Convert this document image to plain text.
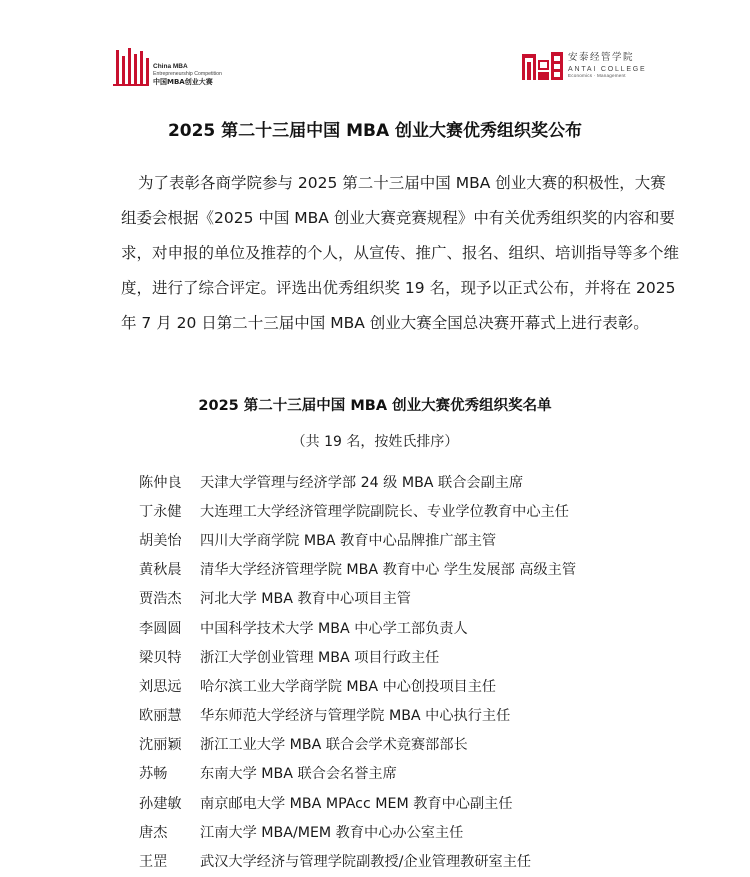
China MBA
Entrepreneurship Competition
中国MBA创业大赛
安泰经管学院
ANTAI COLLEGE
Economics · Management
2025 第二十三届中国 MBA 创业大赛优秀组织奖公布

为了表彰各商学院参与 2025 第二十三届中国 MBA 创业大赛的积极性，大赛
组委会根据《2025 中国 MBA 创业大赛竞赛规程》中有关优秀组织奖的内容和要
求，对申报的单位及推荐的个人，从宣传、推广、报名、组织、培训指导等多个维
度，进行了综合评定。评选出优秀组织奖 19 名，现予以正式公布，并将在 2025
年 7 月 20 日第二十三届中国 MBA 创业大赛全国总决赛开幕式上进行表彰。

2025 第二十三届中国 MBA 创业大赛优秀组织奖名单

（共 19 名，按姓氏排序）

陈仲良	天津大学管理与经济学部 24 级 MBA 联合会副主席
丁永健	大连理工大学经济管理学院副院长、专业学位教育中心主任
胡美怡	四川大学商学院 MBA 教育中心品牌推广部主管
黄秋晨	清华大学经济管理学院 MBA 教育中心 学生发展部 高级主管
贾浩杰	河北大学 MBA 教育中心项目主管
李圆圆	中国科学技术大学 MBA 中心学工部负责人
梁贝特	浙江大学创业管理 MBA 项目行政主任
刘思远	哈尔滨工业大学商学院 MBA 中心创投项目主任
欧丽慧	华东师范大学经济与管理学院 MBA 中心执行主任
沈丽颖	浙江工业大学 MBA 联合会学术竞赛部部长
苏畅	东南大学 MBA 联合会名誉主席
孙建敏	南京邮电大学 MBA MPAcc MEM 教育中心副主任
唐杰	江南大学 MBA/MEM 教育中心办公室主任
王罡	武汉大学经济与管理学院副教授/企业管理教研室主任
